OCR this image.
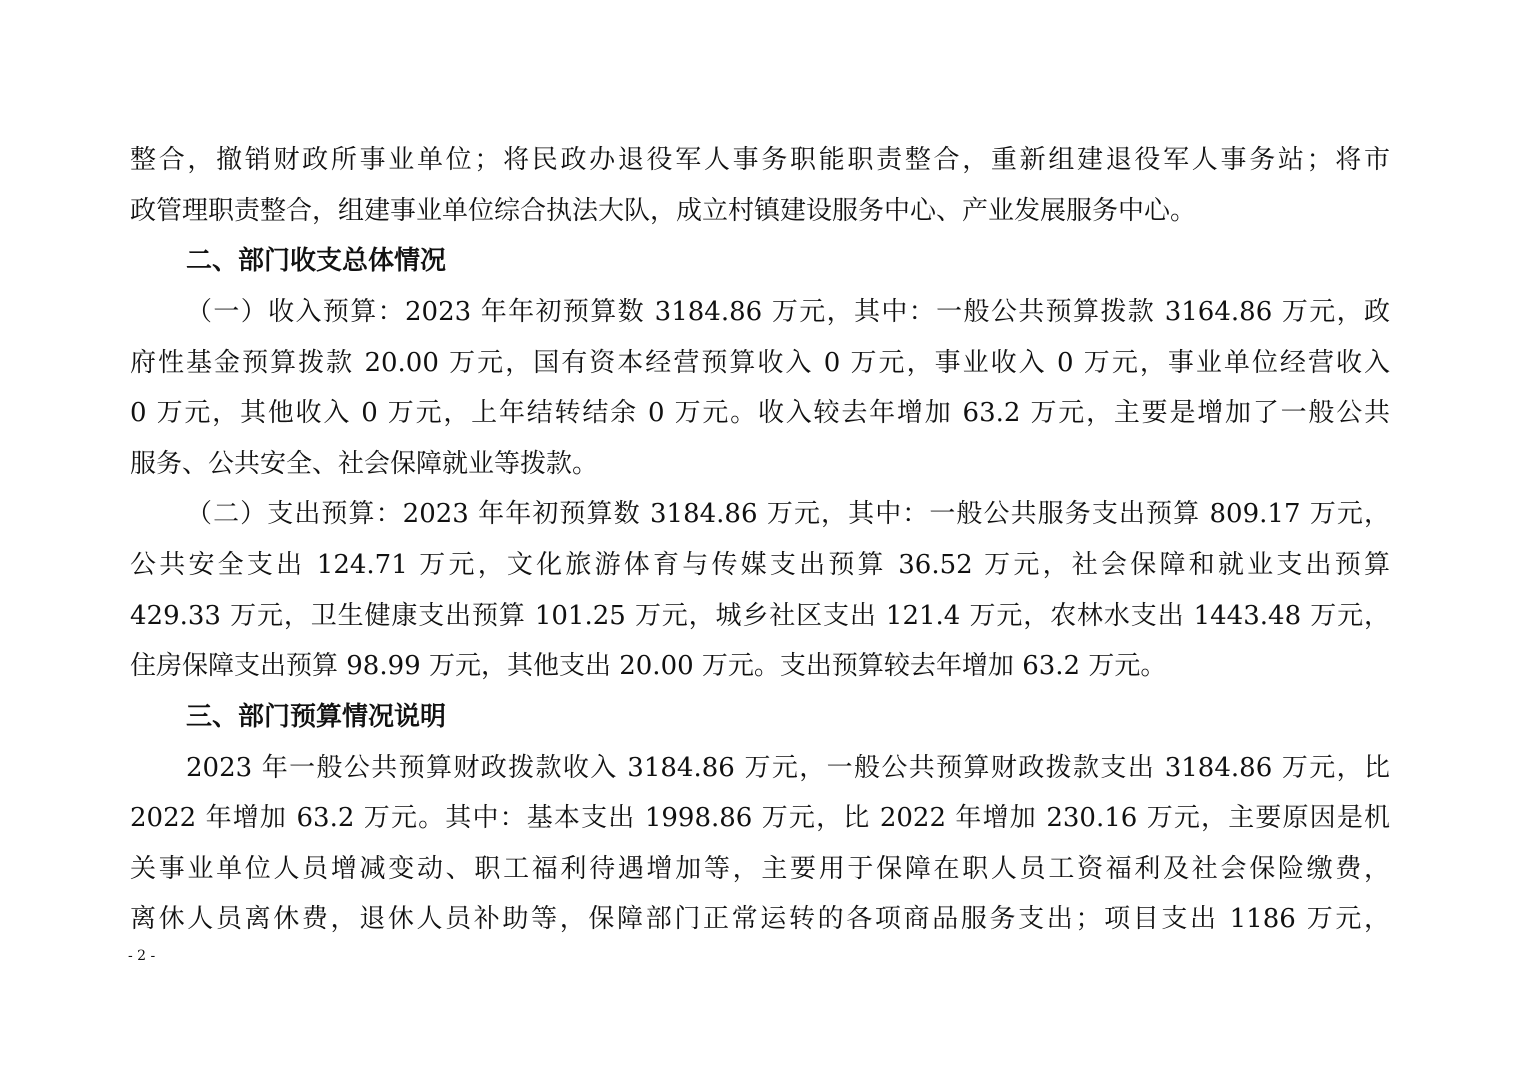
整合，撤销财政所事业单位；将民政办退役军人事务职能职责整合，重新组建退役军人事务站；将市
政管理职责整合，组建事业单位综合执法大队，成立村镇建设服务中心、产业发展服务中心。
二、部门收支总体情况
（一）收入预算：2023 年年初预算数 3184.86 万元，其中：一般公共预算拨款 3164.86 万元，政
府性基金预算拨款 20.00 万元，国有资本经营预算收入 0 万元，事业收入 0 万元，事业单位经营收入
0 万元，其他收入 0 万元，上年结转结余 0 万元。收入较去年增加 63.2 万元，主要是增加了一般公共
服务、公共安全、社会保障就业等拨款。
（二）支出预算：2023 年年初预算数 3184.86 万元，其中：一般公共服务支出预算 809.17 万元，
公共安全支出 124.71 万元，文化旅游体育与传媒支出预算 36.52 万元，社会保障和就业支出预算
429.33 万元，卫生健康支出预算 101.25 万元，城乡社区支出 121.4 万元，农林水支出 1443.48 万元，
住房保障支出预算 98.99 万元，其他支出 20.00 万元。支出预算较去年增加 63.2 万元。
三、部门预算情况说明
2023 年一般公共预算财政拨款收入 3184.86 万元，一般公共预算财政拨款支出 3184.86 万元，比
2022 年增加 63.2 万元。其中：基本支出 1998.86 万元，比 2022 年增加 230.16 万元，主要原因是机
关事业单位人员增减变动、职工福利待遇增加等，主要用于保障在职人员工资福利及社会保险缴费，
离休人员离休费，退休人员补助等，保障部门正常运转的各项商品服务支出；项目支出 1186 万元，
- 2 -
